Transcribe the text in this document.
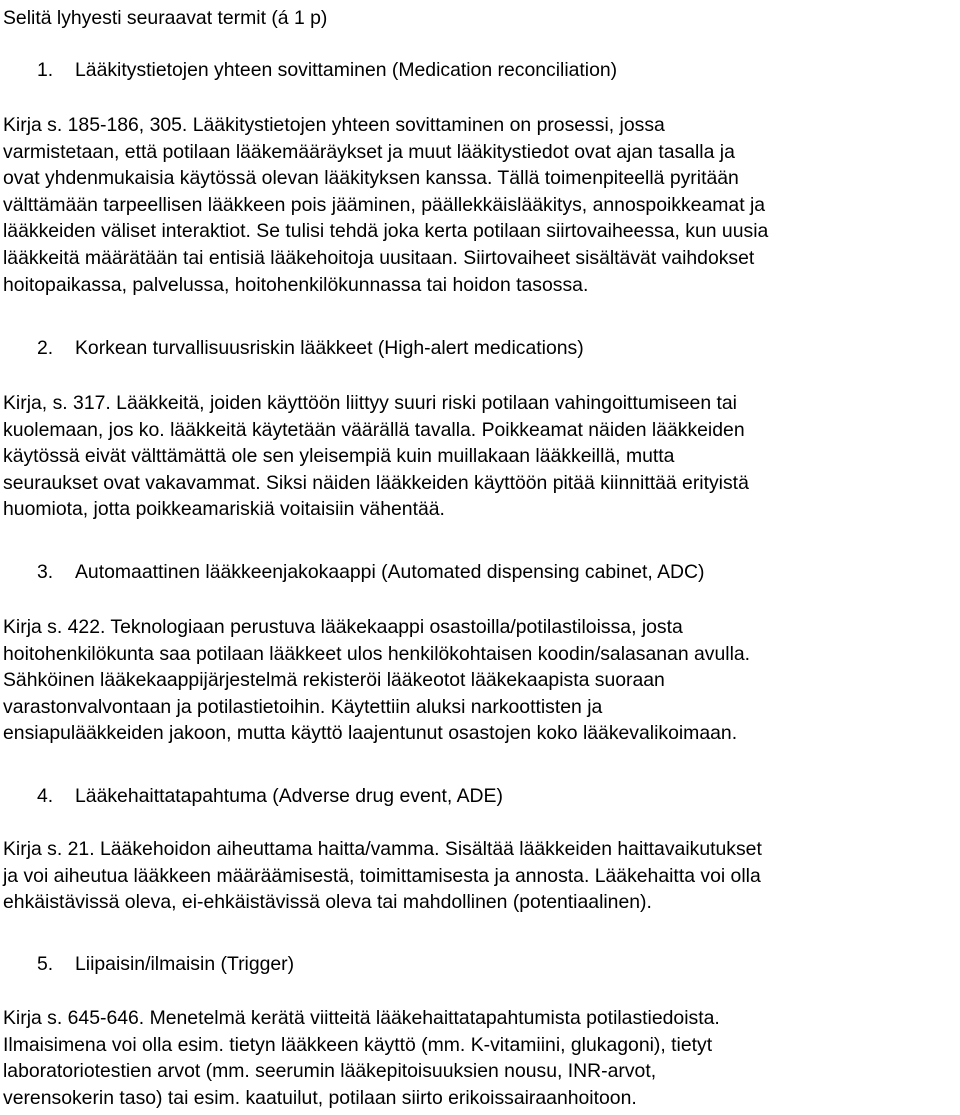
Selitä lyhyesti seuraavat termit (á 1 p)
1. Lääkitystietojen yhteen sovittaminen (Medication reconciliation)
Kirja s. 185-186, 305. Lääkitystietojen yhteen sovittaminen on prosessi, jossa
varmistetaan, että potilaan lääkemääräykset ja muut lääkitystiedot ovat ajan tasalla ja
ovat yhdenmukaisia käytössä olevan lääkityksen kanssa. Tällä toimenpiteellä pyritään
välttämään tarpeellisen lääkkeen pois jääminen, päällekkäislääkitys, annospoikkeamat ja
lääkkeiden väliset interaktiot. Se tulisi tehdä joka kerta potilaan siirtovaiheessa, kun uusia
lääkkeitä määrätään tai entisiä lääkehoitoja uusitaan. Siirtovaiheet sisältävät vaihdokset
hoitopaikassa, palvelussa, hoitohenkilökunnassa tai hoidon tasossa.
2. Korkean turvallisuusriskin lääkkeet (High-alert medications)
Kirja, s. 317. Lääkkeitä, joiden käyttöön liittyy suuri riski potilaan vahingoittumiseen tai
kuolemaan, jos ko. lääkkeitä käytetään väärällä tavalla. Poikkeamat näiden lääkkeiden
käytössä eivät välttämättä ole sen yleisempiä kuin muillakaan lääkkeillä, mutta
seuraukset ovat vakavammat. Siksi näiden lääkkeiden käyttöön pitää kiinnittää erityistä
huomiota, jotta poikkeamariskiä voitaisiin vähentää.
3. Automaattinen lääkkeenjakokaappi (Automated dispensing cabinet, ADC)
Kirja s. 422. Teknologiaan perustuva lääkekaappi osastoilla/potilastiloissa, josta
hoitohenkilökunta saa potilaan lääkkeet ulos henkilökohtaisen koodin/salasanan avulla.
Sähköinen lääkekaappijärjestelmä rekisteröi lääkeotot lääkekaapista suoraan
varastonvalvontaan ja potilastietoihin. Käytettiin aluksi narkoottisten ja
ensiapulääkkeiden jakoon, mutta käyttö laajentunut osastojen koko lääkevalikoimaan.
4. Lääkehaittatapahtuma (Adverse drug event, ADE)
Kirja s. 21. Lääkehoidon aiheuttama haitta/vamma. Sisältää lääkkeiden haittavaikutukset
ja voi aiheutua lääkkeen määräämisestä, toimittamisesta ja annosta. Lääkehaitta voi olla
ehkäistävissä oleva, ei-ehkäistävissä oleva tai mahdollinen (potentiaalinen).
5. Liipaisin/ilmaisin (Trigger)
Kirja s. 645-646. Menetelmä kerätä viitteitä lääkehaittatapahtumista potilastiedoista.
Ilmaisimena voi olla esim. tietyn lääkkeen käyttö (mm. K-vitamiini, glukagoni), tietyt
laboratoriotestien arvot (mm. seerumin lääkepitoisuuksien nousu, INR-arvot,
verensokerin taso) tai esim. kaatuilut, potilaan siirto erikoissairaanhoitoon.
